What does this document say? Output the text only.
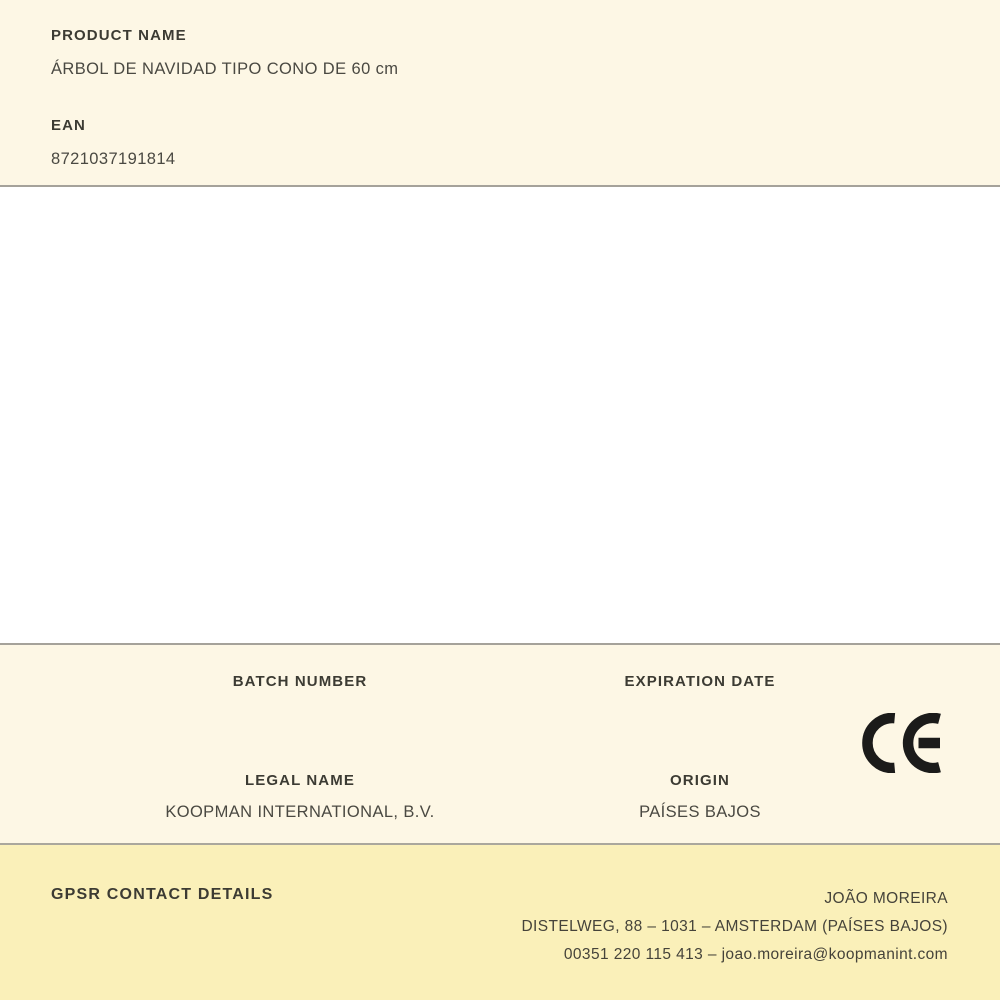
PRODUCT NAME
ÁRBOL DE NAVIDAD TIPO CONO DE 60 cm
EAN
8721037191814
BATCH NUMBER	EXPIRATION DATE
LEGAL NAME
KOOPMAN INTERNATIONAL, B.V.
ORIGIN
PAÍSES BAJOS
GPSR CONTACT DETAILS	JOÃO MOREIRA
DISTELWEG, 88 – 1031 – AMSTERDAM (PAÍSES BAJOS)
00351 220 115 413 – joao.moreira@koopmanint.com
